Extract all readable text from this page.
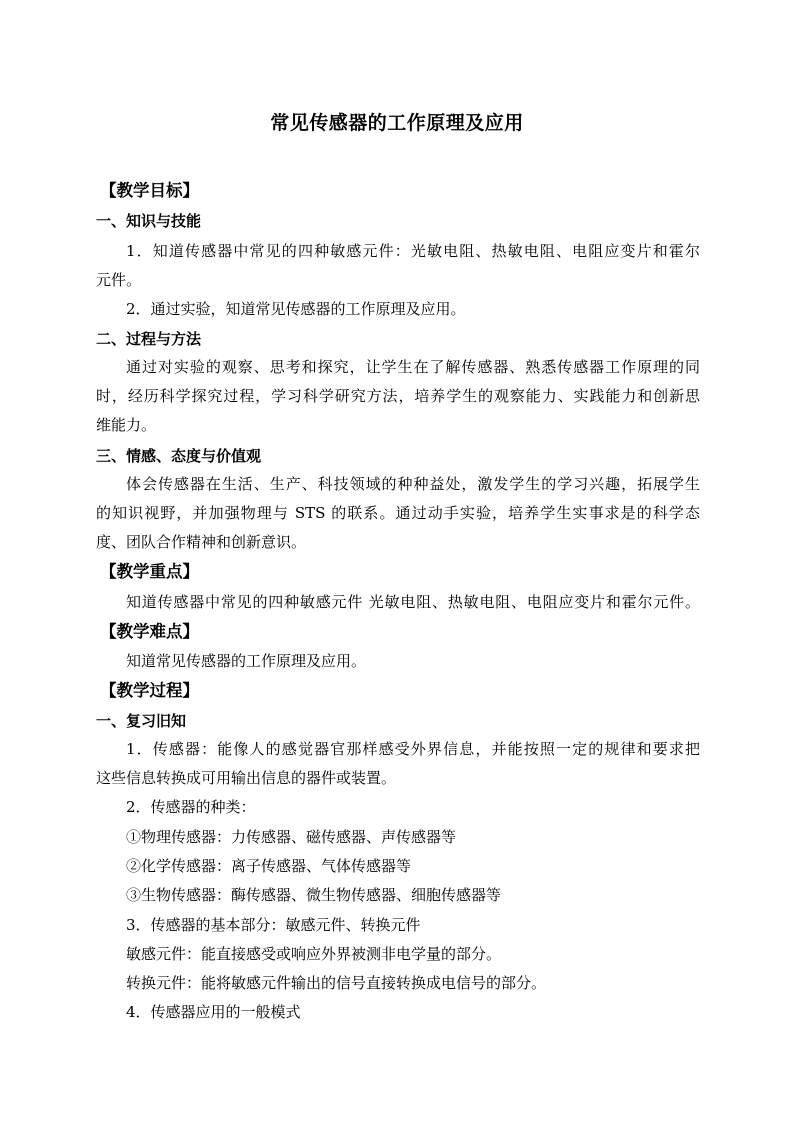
常见传感器的工作原理及应用
【教学目标】
一、知识与技能
1．知道传感器中常见的四种敏感元件：光敏电阻、热敏电阻、电阻应变片和霍尔
元件。
2．通过实验，知道常见传感器的工作原理及应用。
二、过程与方法
通过对实验的观察、思考和探究，让学生在了解传感器、熟悉传感器工作原理的同
时，经历科学探究过程，学习科学研究方法，培养学生的观察能力、实践能力和创新思
维能力。
三、情感、态度与价值观
体会传感器在生活、生产、科技领域的种种益处，激发学生的学习兴趣，拓展学生
的知识视野，并加强物理与 STS 的联系。通过动手实验，培养学生实事求是的科学态
度、团队合作精神和创新意识。
【教学重点】
知道传感器中常见的四种敏感元件 光敏电阻、热敏电阻、电阻应变片和霍尔元件。
【教学难点】
知道常见传感器的工作原理及应用。
【教学过程】
一、复习旧知
1．传感器：能像人的感觉器官那样感受外界信息，并能按照一定的规律和要求把
这些信息转换成可用输出信息的器件或装置。
2．传感器的种类：
①物理传感器：力传感器、磁传感器、声传感器等
②化学传感器：离子传感器、气体传感器等
③生物传感器：酶传感器、微生物传感器、细胞传感器等
3．传感器的基本部分：敏感元件、转换元件
敏感元件：能直接感受或响应外界被测非电学量的部分。
转换元件：能将敏感元件输出的信号直接转换成电信号的部分。
4．传感器应用的一般模式
